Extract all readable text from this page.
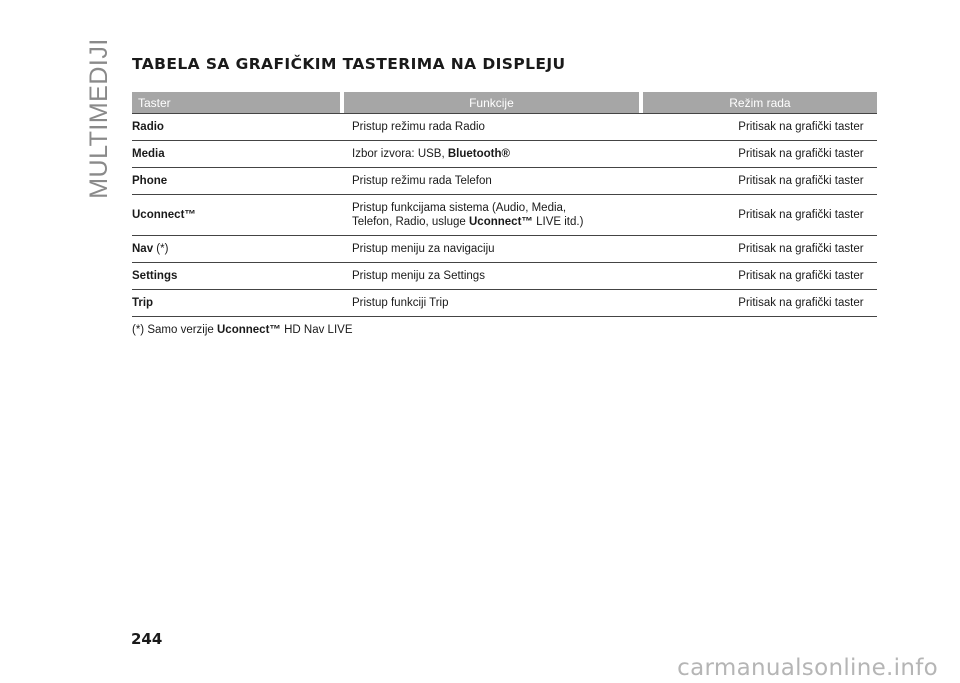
MULTIMEDIJI TABELA SA GRAFIČKIM TASTERIMA NA DISPLEJU
Taster		Funkcije		Režim rada
Radio	Pristup režimu rada Radio		Pritisak na grafički taster	
Media	Izbor izvora: USB, Bluetooth®		Pritisak na grafički taster	
Phone	Pristup režimu rada Telefon		Pritisak na grafički taster	
Uconnect™	Pristup funkcijama sistema (Audio, Media,
Telefon, Radio, usluge Uconnect™ LIVE itd.)		Pritisak na grafički taster	
Nav (*)	Pristup meniju za navigaciju		Pritisak na grafički taster	
Settings	Pristup meniju za Settings		Pritisak na grafički taster	
Trip	Pristup funkciji Trip		Pritisak na grafički taster	
(*) Samo verzije Uconnect™ HD Nav LIVE
244
carmanualsonline.info
